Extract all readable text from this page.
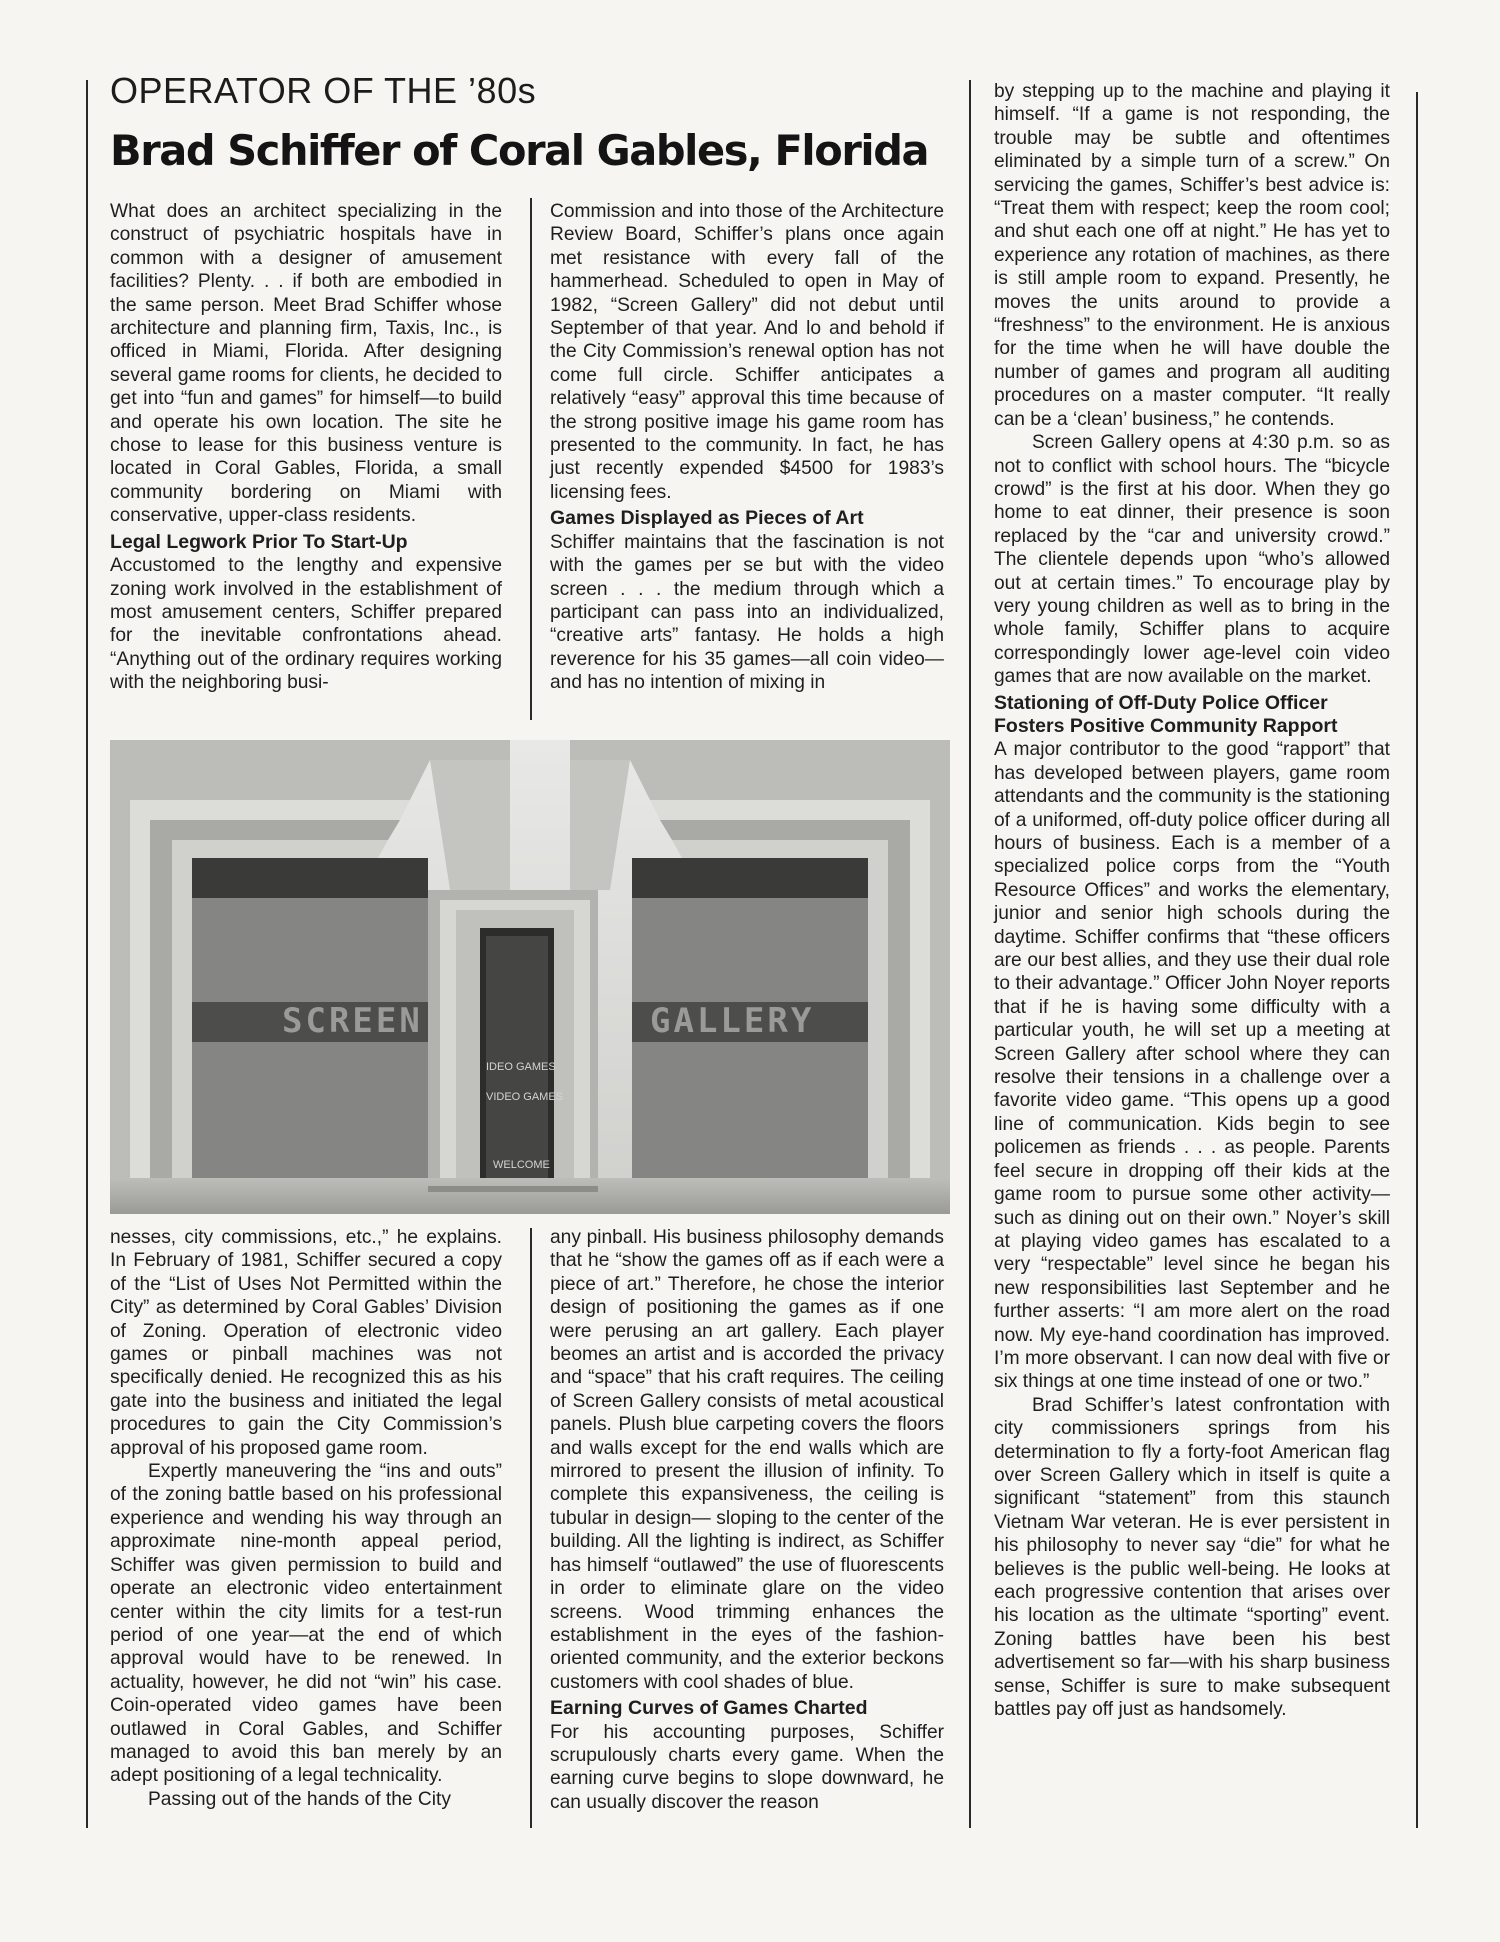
OPERATOR OF THE ’80s
Brad Schiffer of Coral Gables, Florida

What does an architect specializing in the construct of psychiatric hospitals have in common with a designer of amusement facilities? Plenty. . . if both are embodied in the same person. Meet Brad Schiffer whose architecture and planning firm, Taxis, Inc., is officed in Miami, Florida. After designing several game rooms for clients, he decided to get into “fun and games” for himself—to build and operate his own location. The site he chose to lease for this business venture is located in Coral Gables, Florida, a small community bordering on Miami with conservative, upper-class residents.

Legal Legwork Prior To Start-Up

Accustomed to the lengthy and expensive zoning work involved in the establishment of most amusement centers, Schiffer prepared for the inevitable confrontations ahead. “Anything out of the ordinary requires working with the neighboring busi-

Commission and into those of the Architecture Review Board, Schiffer’s plans once again met resistance with every fall of the hammerhead. Scheduled to open in May of 1982, “Screen Gallery” did not debut until September of that year. And lo and behold if the City Commission’s renewal option has not come full circle. Schiffer anticipates a relatively “easy” approval this time because of the strong positive image his game room has presented to the community. In fact, he has just recently expended $4500 for 1983’s licensing fees.

Games Displayed as Pieces of Art

Schiffer maintains that the fascination is not with the games per se but with the video screen . . . the medium through which a participant can pass into an individualized, “creative arts” fantasy. He holds a high reverence for his 35 games—all coin video—and has no intention of mixing in

SCREEN	GALLERY
IDEO GAMES
VIDEO GAMES
WELCOME

nesses, city commissions, etc.,” he explains. In February of 1981, Schiffer secured a copy of the “List of Uses Not Permitted within the City” as determined by Coral Gables’ Division of Zoning. Operation of electronic video games or pinball machines was not specifically denied. He recognized this as his gate into the business and initiated the legal procedures to gain the City Commission’s approval of his proposed game room.

Expertly maneuvering the “ins and outs” of the zoning battle based on his professional experience and wending his way through an approximate nine-month appeal period, Schiffer was given permission to build and operate an electronic video entertainment center within the city limits for a test-run period of one year—at the end of which approval would have to be renewed. In actuality, however, he did not “win” his case. Coin-operated video games have been outlawed in Coral Gables, and Schiffer managed to avoid this ban merely by an adept positioning of a legal technicality.

Passing out of the hands of the City

any pinball. His business philosophy demands that he “show the games off as if each were a piece of art.” Therefore, he chose the interior design of positioning the games as if one were perusing an art gallery. Each player beomes an artist and is accorded the privacy and “space” that his craft requires. The ceiling of Screen Gallery consists of metal acoustical panels. Plush blue carpeting covers the floors and walls except for the end walls which are mirrored to present the illusion of infinity. To complete this expansiveness, the ceiling is tubular in design— sloping to the center of the building. All the lighting is indirect, as Schiffer has himself “outlawed” the use of fluorescents in order to eliminate glare on the video screens. Wood trimming enhances the establishment in the eyes of the fashion-oriented community, and the exterior beckons customers with cool shades of blue.

Earning Curves of Games Charted

For his accounting purposes, Schiffer scrupulously charts every game. When the earning curve begins to slope downward, he can usually discover the reason

by stepping up to the machine and playing it himself. “If a game is not responding, the trouble may be subtle and oftentimes eliminated by a simple turn of a screw.” On servicing the games, Schiffer’s best advice is: “Treat them with respect; keep the room cool; and shut each one off at night.” He has yet to experience any rotation of machines, as there is still ample room to expand. Presently, he moves the units around to provide a “freshness” to the environment. He is anxious for the time when he will have double the number of games and program all auditing procedures on a master computer. “It really can be a ‘clean’ business,” he contends.

Screen Gallery opens at 4:30 p.m. so as not to conflict with school hours. The “bicycle crowd” is the first at his door. When they go home to eat dinner, their presence is soon replaced by the “car and university crowd.” The clientele depends upon “who’s allowed out at certain times.” To encourage play by very young children as well as to bring in the whole family, Schiffer plans to acquire correspondingly lower age-level coin video games that are now available on the market.

Stationing of Off-Duty Police Officer Fosters Positive Community Rapport

A major contributor to the good “rapport” that has developed between players, game room attendants and the community is the stationing of a uniformed, off-duty police officer during all hours of business. Each is a member of a specialized police corps from the “Youth Resource Offices” and works the elementary, junior and senior high schools during the daytime. Schiffer confirms that “these officers are our best allies, and they use their dual role to their advantage.” Officer John Noyer reports that if he is having some difficulty with a particular youth, he will set up a meeting at Screen Gallery after school where they can resolve their tensions in a challenge over a favorite video game. “This opens up a good line of communication. Kids begin to see policemen as friends . . . as people. Parents feel secure in dropping off their kids at the game room to pursue some other activity—such as dining out on their own.” Noyer’s skill at playing video games has escalated to a very “respectable” level since he began his new responsibilities last September and he further asserts: “I am more alert on the road now. My eye-hand coordination has improved. I’m more observant. I can now deal with five or six things at one time instead of one or two.”

Brad Schiffer’s latest confrontation with city commissioners springs from his determination to fly a forty-foot American flag over Screen Gallery which in itself is quite a significant “statement” from this staunch Vietnam War veteran. He is ever persistent in his philosophy to never say “die” for what he believes is the public well-being. He looks at each progressive contention that arises over his location as the ultimate “sporting” event. Zoning battles have been his best advertisement so far—with his sharp business sense, Schiffer is sure to make subsequent battles pay off just as handsomely.
